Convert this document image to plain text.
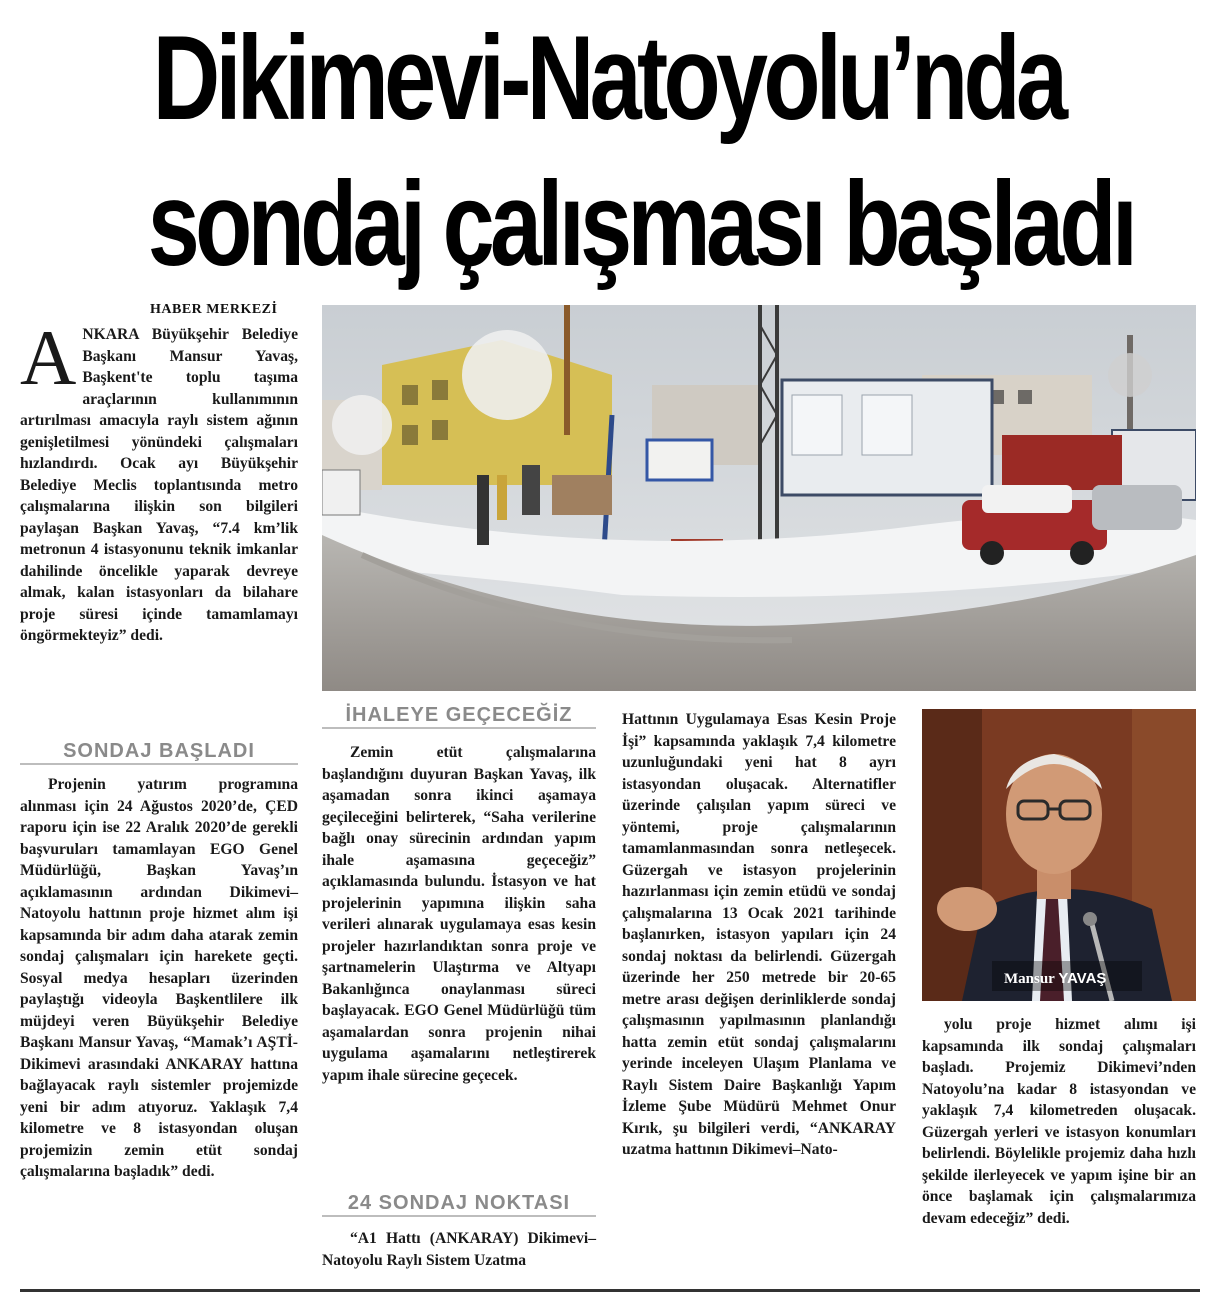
Dikimevi-Natoyolu’nda
sondaj çalışması başladı
HABER MERKEZİ

ANKARA Büyükşehir Belediye Başkanı Mansur Yavaş, Başkent'te toplu taşıma araçlarının kullanımının artırılması amacıyla raylı sistem ağının genişletilmesi yönündeki çalışmaları hızlandırdı. Ocak ayı Büyükşehir Belediye Meclis toplantısında metro çalışmalarına ilişkin son bilgileri paylaşan Başkan Yavaş, “7.4 km’lik metronun 4 istasyonunu teknik imkanlar dahilinde öncelikle yaparak devreye almak, kalan istasyonları da bilahare proje süresi içinde tamamlamayı öngörmekteyiz” dedi.

SONDAJ BAŞLADI

Projenin yatırım programına alınması için 24 Ağustos 2020’de, ÇED raporu için ise 22 Aralık 2020’de gerekli başvuruları tamamlayan EGO Genel Müdürlüğü, Başkan Yavaş’ın açıklamasının ardından Dikimevi–Natoyolu hattının proje hizmet alım işi kapsamında bir adım daha atarak zemin sondaj çalışmaları için harekete geçti. Sosyal medya hesapları üzerinden paylaştığı videoyla Başkentlilere ilk müjdeyi veren Büyükşehir Belediye Başkanı Mansur Yavaş, “Mamak’ı AŞTİ-Dikimevi arasındaki ANKARAY hattına bağlayacak raylı sistemler projemizde yeni bir adım atıyoruz. Yaklaşık 7,4 kilometre ve 8 istasyondan oluşan projemizin zemin etüt sondaj çalışmalarına başladık” dedi.

İHALEYE GEÇECEĞİZ

Zemin etüt çalışmalarına başlandığını duyuran Başkan Yavaş, ilk aşamadan sonra ikinci aşamaya geçileceğini belirterek, “Saha verilerine bağlı onay sürecinin ardından yapım ihale aşamasına geçeceğiz” açıklamasında bulundu. İstasyon ve hat projelerinin yapımına ilişkin saha verileri alınarak uygulamaya esas kesin projeler hazırlandıktan sonra proje ve şartnamelerin Ulaştırma ve Altyapı Bakanlığınca onaylanması süreci başlayacak. EGO Genel Müdürlüğü tüm aşamalardan sonra projenin nihai uygulama aşamalarını netleştirerek yapım ihale sürecine geçecek.

24 SONDAJ NOKTASI

“A1 Hattı (ANKARAY) Dikimevi–Natoyolu Raylı Sistem Uzatma

Hattının Uygulamaya Esas Kesin Proje İşi” kapsamında yaklaşık 7,4 kilometre uzunluğundaki yeni hat 8 ayrı istasyondan oluşacak. Alternatifler üzerinde çalışılan yapım süreci ve yöntemi, proje çalışmalarının tamamlanmasından sonra netleşecek. Güzergah ve istasyon projelerinin hazırlanması için zemin etüdü ve sondaj çalışmalarına 13 Ocak 2021 tarihinde başlanırken, istasyon yapıları için 24 sondaj noktası da belirlendi. Güzergah üzerinde her 250 metrede bir 20-65 metre arası değişen derinliklerde sondaj çalışmasının yapılmasının planlandığı hatta zemin etüt sondaj çalışmalarını yerinde inceleyen Ulaşım Planlama ve Raylı Sistem Daire Başkanlığı Yapım İzleme Şube Müdürü Mehmet Onur Kırık, şu bilgileri verdi, “ANKARAY uzatma hattının Dikimevi–Nato-

Mansur YAVAŞ

yolu proje hizmet alımı işi kapsamında ilk sondaj çalışmaları başladı. Projemiz Dikimevi’nden Natoyolu’na kadar 8 istasyondan ve yaklaşık 7,4 kilometreden oluşacak. Güzergah yerleri ve istasyon konumları belirlendi. Böylelikle projemiz daha hızlı şekilde ilerleyecek ve yapım işine bir an önce başlamak için çalışmalarımıza devam edeceğiz” dedi.
